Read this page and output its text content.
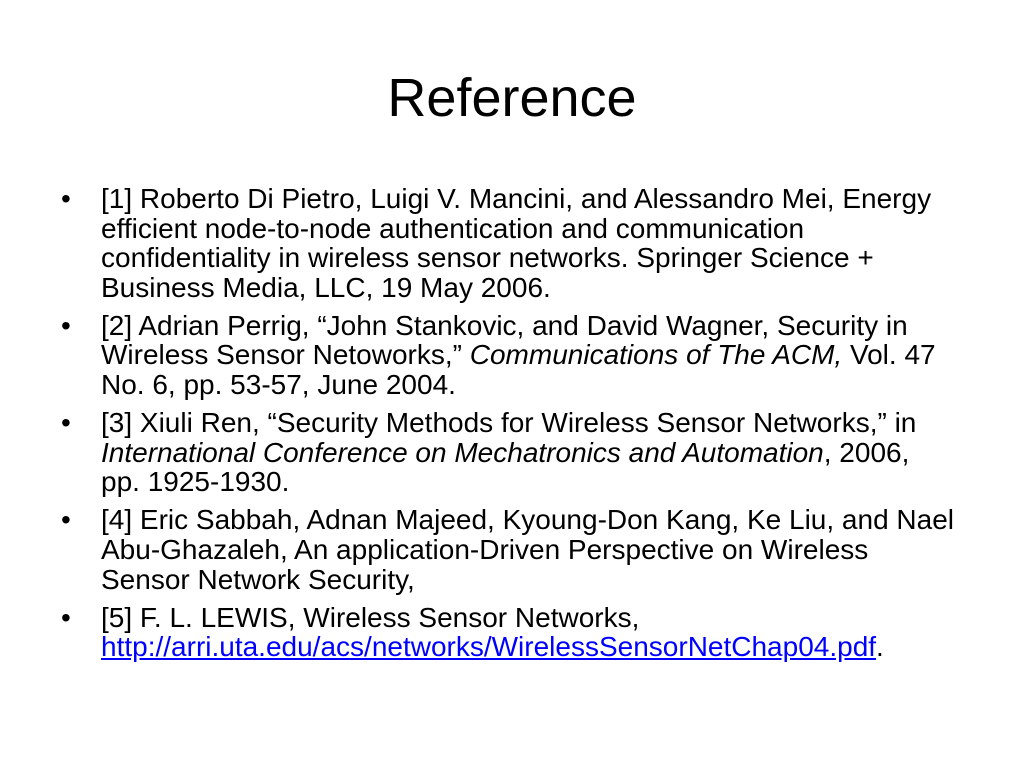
Reference
• [1] Roberto Di Pietro, Luigi V. Mancini, and Alessandro Mei, Energy
efficient node-to-node authentication and communication
confidentiality in wireless sensor networks. Springer Science +
Business Media, LLC, 19 May 2006.
• [2] Adrian Perrig, “John Stankovic, and David Wagner, Security in
Wireless Sensor Netoworks,” Communications of The ACM, Vol. 47
No. 6, pp. 53-57, June 2004.
• [3] Xiuli Ren, “Security Methods for Wireless Sensor Networks,” in
International Conference on Mechatronics and Automation, 2006,
pp. 1925-1930.
• [4] Eric Sabbah, Adnan Majeed, Kyoung-Don Kang, Ke Liu, and Nael
Abu-Ghazaleh, An application-Driven Perspective on Wireless
Sensor Network Security,
• [5] F. L. LEWIS, Wireless Sensor Networks,
http://arri.uta.edu/acs/networks/WirelessSensorNetChap04.pdf.
